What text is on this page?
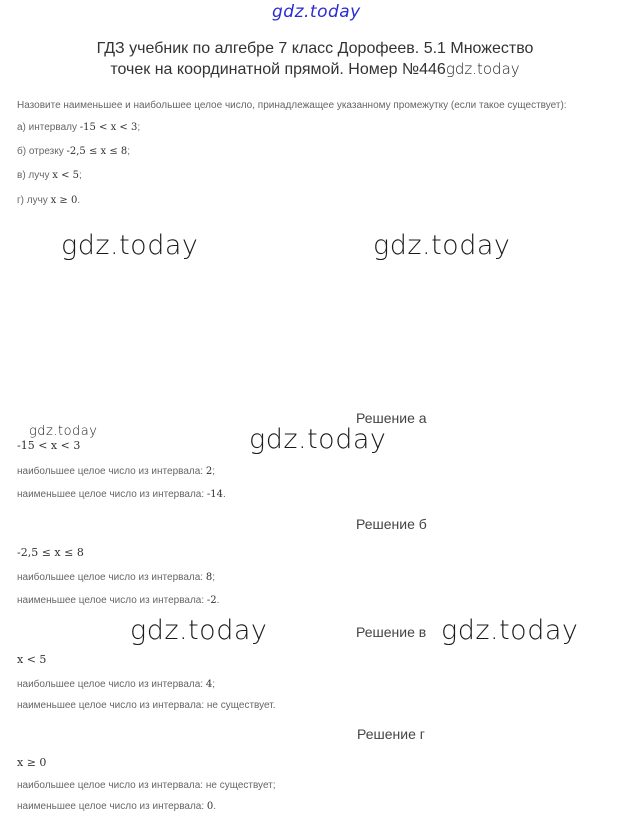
gdz.today
ГДЗ учебник по алгебре 7 класс Дорофеев. 5.1 Множество
точек на координатной прямой. Номер №446gdz.today
Назовите наименьшее и наибольшее целое число, принадлежащее указанному промежутку (если такое существует):
а) интервалу -15 < x < 3;
б) отрезку -2,5 ≤ x ≤ 8;
в) лучу x < 5;
г) лучу x ≥ 0.
gdz.today	gdz.today
Решение а
gdz.today	gdz.today
-15 < x < 3
наибольшее целое число из интервала: 2;
наименьшее целое число из интервала: -14.
Решение б
-2,5 ≤ x ≤ 8
наибольшее целое число из интервала: 8;
наименьшее целое число из интервала: -2.
gdz.today	Решение в gdz.today
x < 5
наибольшее целое число из интервала: 4;
наименьшее целое число из интервала: не существует.
Решение г
x ≥ 0
наибольшее целое число из интервала: не существует;
наименьшее целое число из интервала: 0.
